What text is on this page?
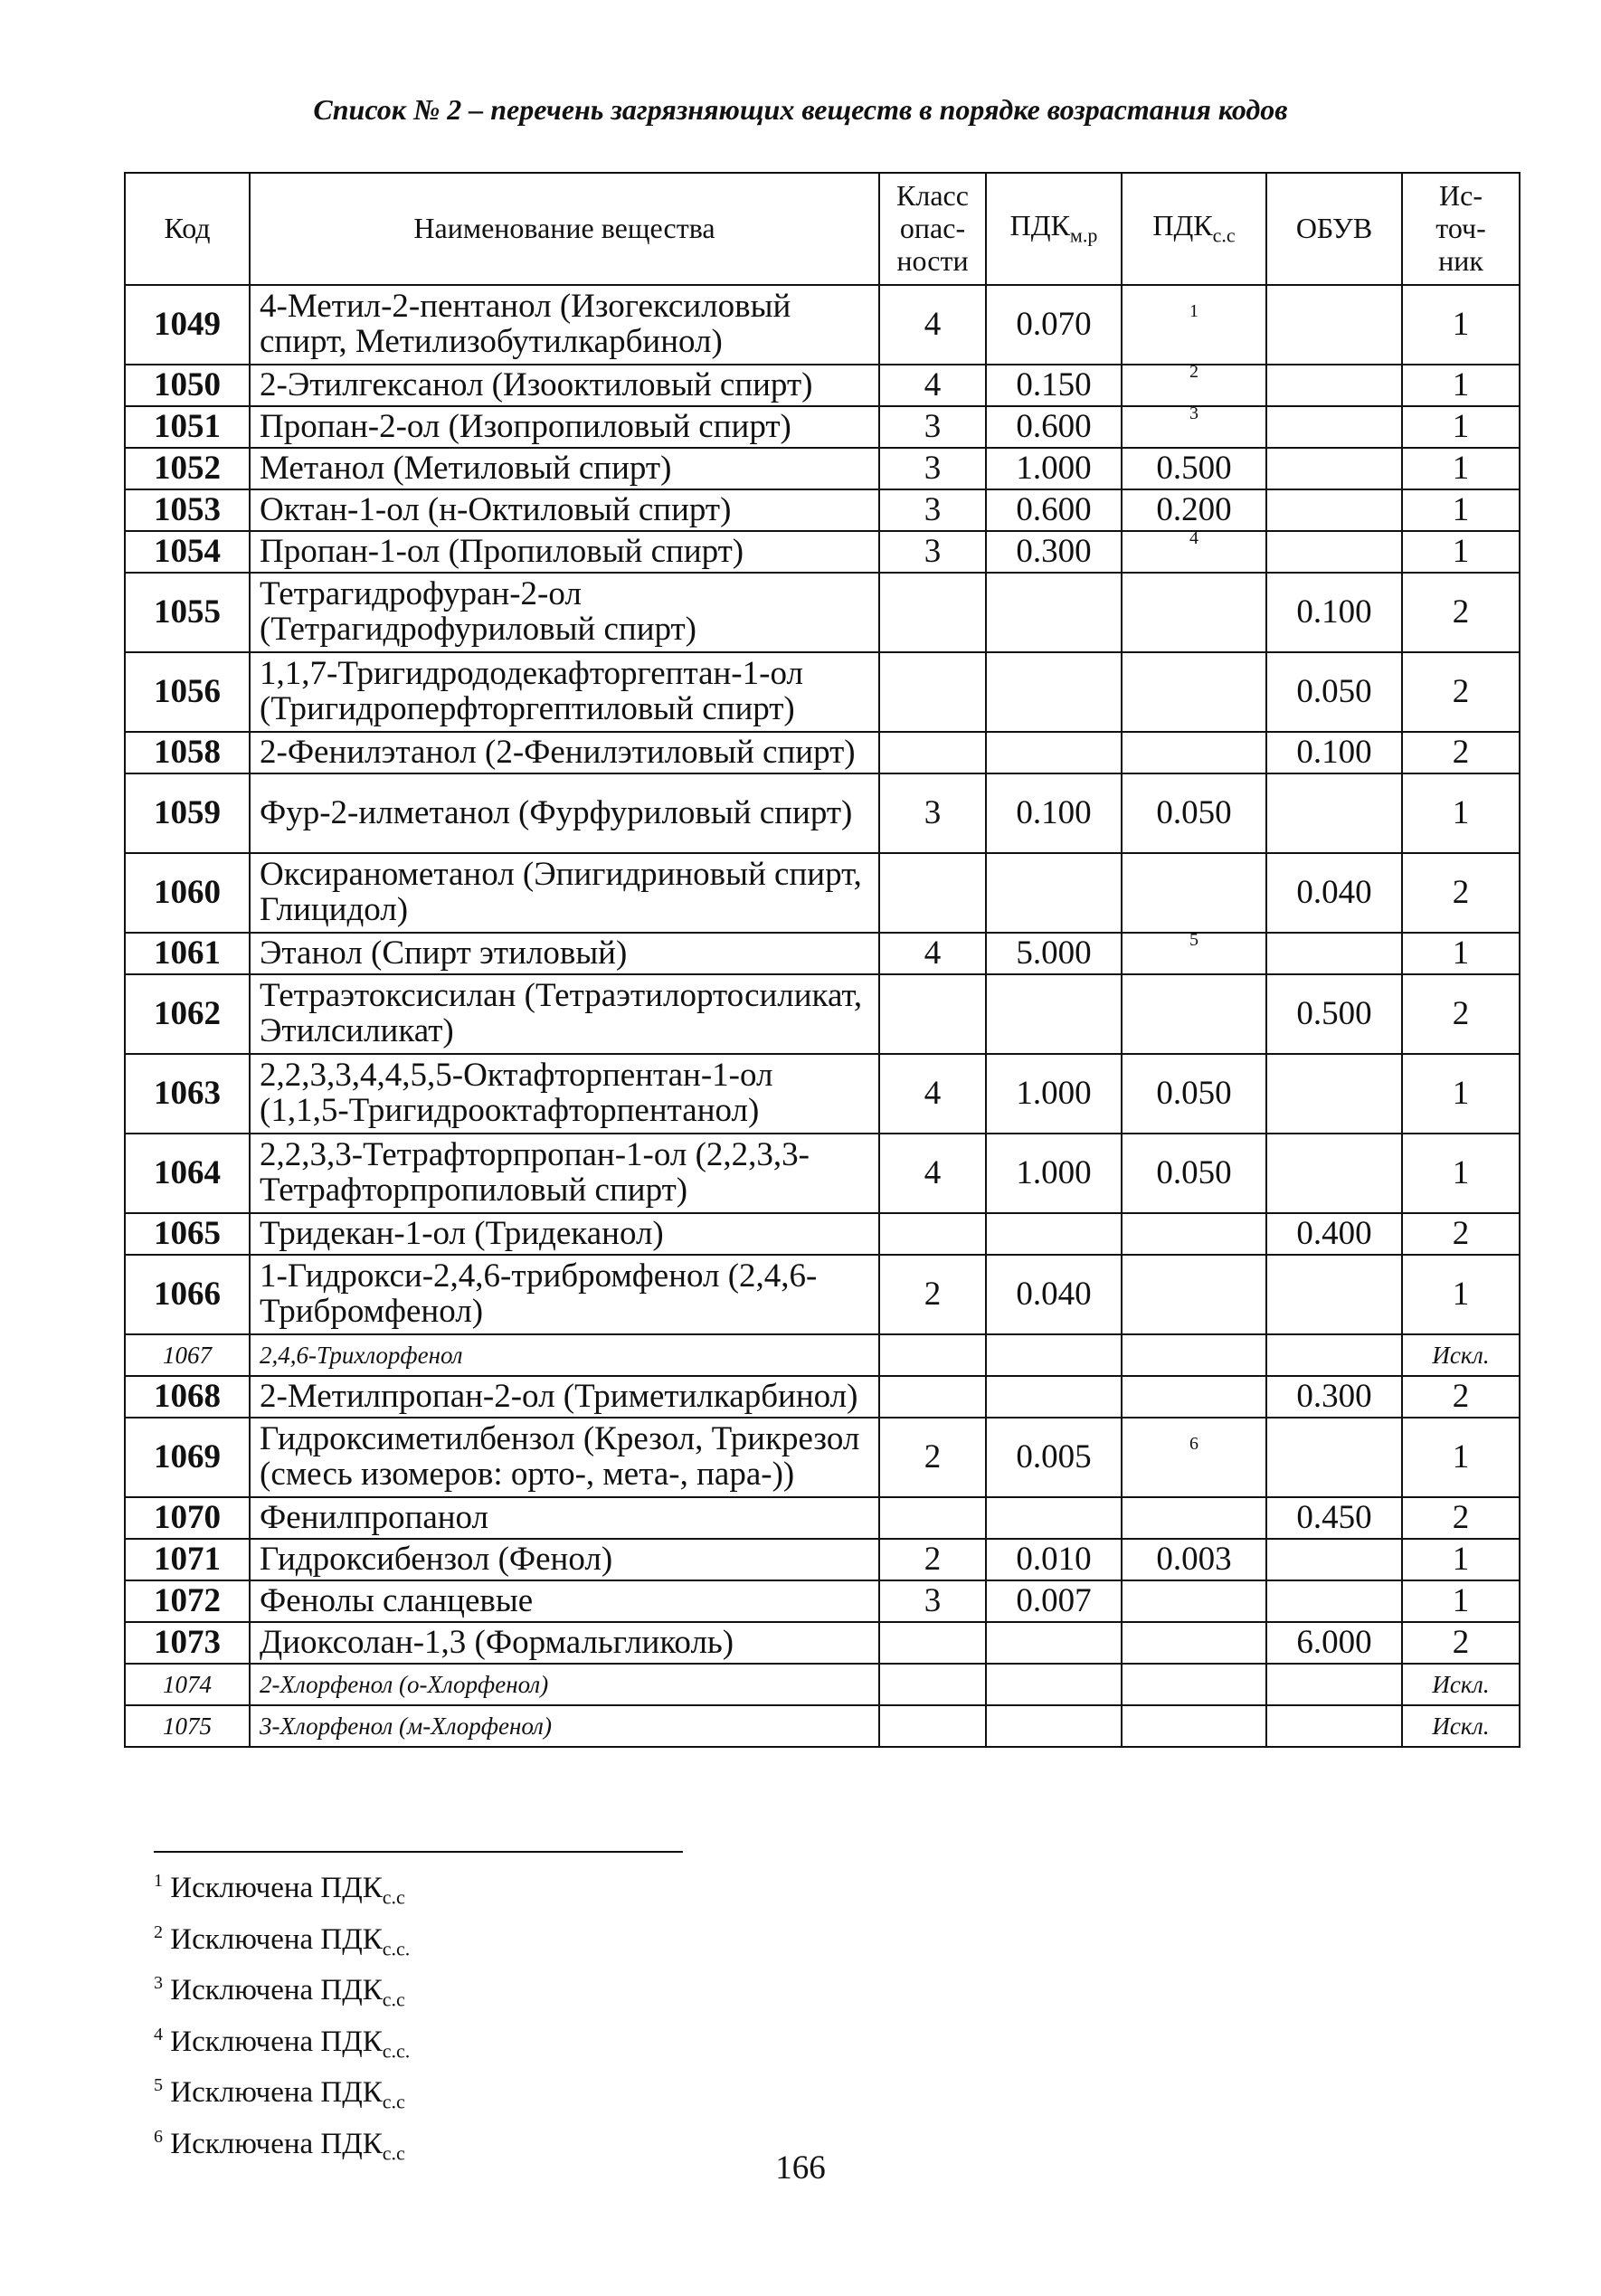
Список № 2 – перечень загрязняющих веществ в порядке возрастания кодов
Код	Наименование вещества	Класс опас- ности	$ПДК_{м.р}$	$ПДК_{с.с}$	ОБУВ	Ис- точ- ник
1049	4-Метил-2-пентанол (Изогексиловый спирт, Метилизобутилкарбинол)	4	0.070	$^1$		1
1050	2-Этилгексанол (Изооктиловый спирт)	4	0.150	$^2$		1
1051	Пропан-2-ол (Изопропиловый спирт)	3	0.600	$^3$		1
1052	Метанол (Метиловый спирт)	3	1.000	0.500		1
1053	Октан-1-ол (н-Октиловый спирт)	3	0.600	0.200		1
1054	Пропан-1-ол (Пропиловый спирт)	3	0.300	$^4$		1
1055	Тетрагидрофуран-2-ол (Тетрагидрофуриловый спирт)				0.100	2
1056	1,1,7-Тригидрододекафторгептан-1-ол (Тригидроперфторгептиловый спирт)				0.050	2
1058	2-Фенилэтанол (2-Фенилэтиловый спирт)				0.100	2
1059	Фур-2-илметанол (Фурфуриловый спирт)	3	0.100	0.050		1
1060	Оксиранометанол (Эпигидриновый спирт, Глицидол)				0.040	2
1061	Этанол (Спирт этиловый)	4	5.000	$^5$		1
1062	Тетраэтоксисилан (Тетраэтилортосиликат, Этилсиликат)				0.500	2
1063	2,2,3,3,4,4,5,5-Октафторпентан-1-ол (1,1,5-Тригидрооктафторпентанол)	4	1.000	0.050		1
1064	2,2,3,3-Тетрафторпропан-1-ол (2,2,3,3-Тетрафторпропиловый спирт)	4	1.000	0.050		1
1065	Тридекан-1-ол (Тридеканол)				0.400	2
1066	1-Гидрокси-2,4,6-трибромфенол (2,4,6-Трибромфенол)	2	0.040			1
1067	2,4,6-Трихлорфенол					Искл.
1068	2-Метилпропан-2-ол (Триметилкарбинол)				0.300	2
1069	Гидроксиметилбензол (Крезол, Трикрезол (смесь изомеров: орто-, мета-, пара-))	2	0.005	$^6$		1
1070	Фенилпропанол				0.450	2
1071	Гидроксибензол (Фенол)	2	0.010	0.003		1
1072	Фенолы сланцевые	3	0.007			1
1073	Диоксолан-1,3 (Формальгликоль)				6.000	2
1074	2-Хлорфенол (о-Хлорфенол)					Искл.
1075	3-Хлорфенол (м-Хлорфенол)					Искл.
$^1$ Исключена $ПДК_{с.с}$
$^2$ Исключена $ПДК_{с.с.}$
$^3$ Исключена $ПДК_{с.с}$
$^4$ Исключена $ПДК_{с.с.}$
$^5$ Исключена $ПДК_{с.с}$
$^6$ Исключена $ПДК_{с.с}$	166
